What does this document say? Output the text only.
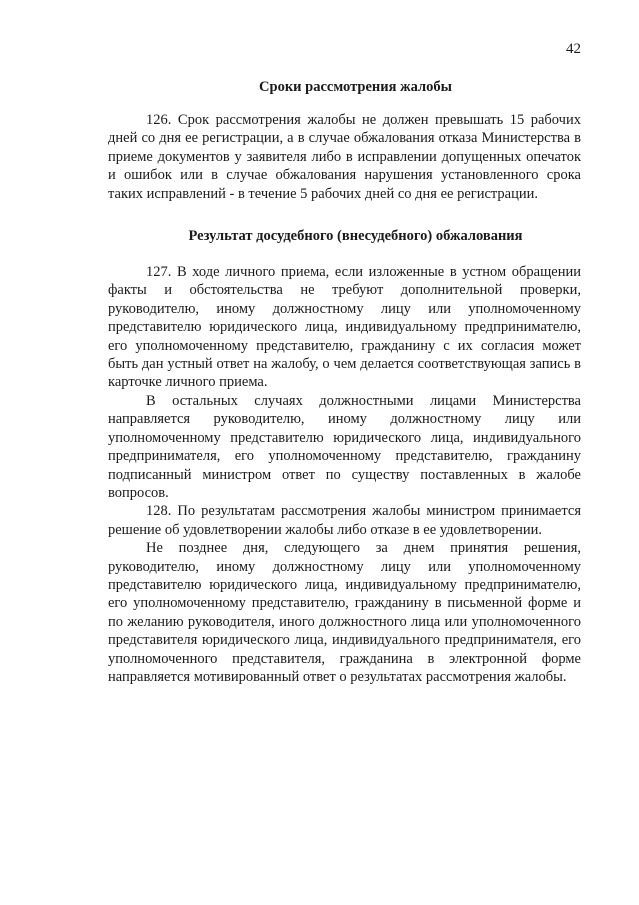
42
Сроки рассмотрения жалобы

126. Срок рассмотрения жалобы не должен превышать 15 рабочих дней со дня ее регистрации, а в случае обжалования отказа Министерства в приеме документов у заявителя либо в исправлении допущенных опечаток и ошибок или в случае обжалования нарушения установленного срока таких исправлений - в течение 5 рабочих дней со дня ее регистрации.

Результат досудебного (внесудебного) обжалования

127. В ходе личного приема, если изложенные в устном обращении факты и обстоятельства не требуют дополнительной проверки, руководителю, иному должностному лицу или уполномоченному представителю юридического лица, индивидуальному предпринимателю, его уполномоченному представителю, гражданину с их согласия может быть дан устный ответ на жалобу, о чем делается соответствующая запись в карточке личного приема.

В остальных случаях должностными лицами Министерства направляется руководителю, иному должностному лицу или уполномоченному представителю юридического лица, индивидуального предпринимателя, его уполномоченному представителю, гражданину подписанный министром ответ по существу поставленных в жалобе вопросов.

128. По результатам рассмотрения жалобы министром принимается решение об удовлетворении жалобы либо отказе в ее удовлетворении.

Не позднее дня, следующего за днем принятия решения, руководителю, иному должностному лицу или уполномоченному представителю юридического лица, индивидуальному предпринимателю, его уполномоченному представителю, гражданину в письменной форме и по желанию руководителя, иного должностного лица или уполномоченного представителя юридического лица, индивидуального предпринимателя, его уполномоченного представителя, гражданина в электронной форме направляется мотивированный ответ о результатах рассмотрения жалобы.
